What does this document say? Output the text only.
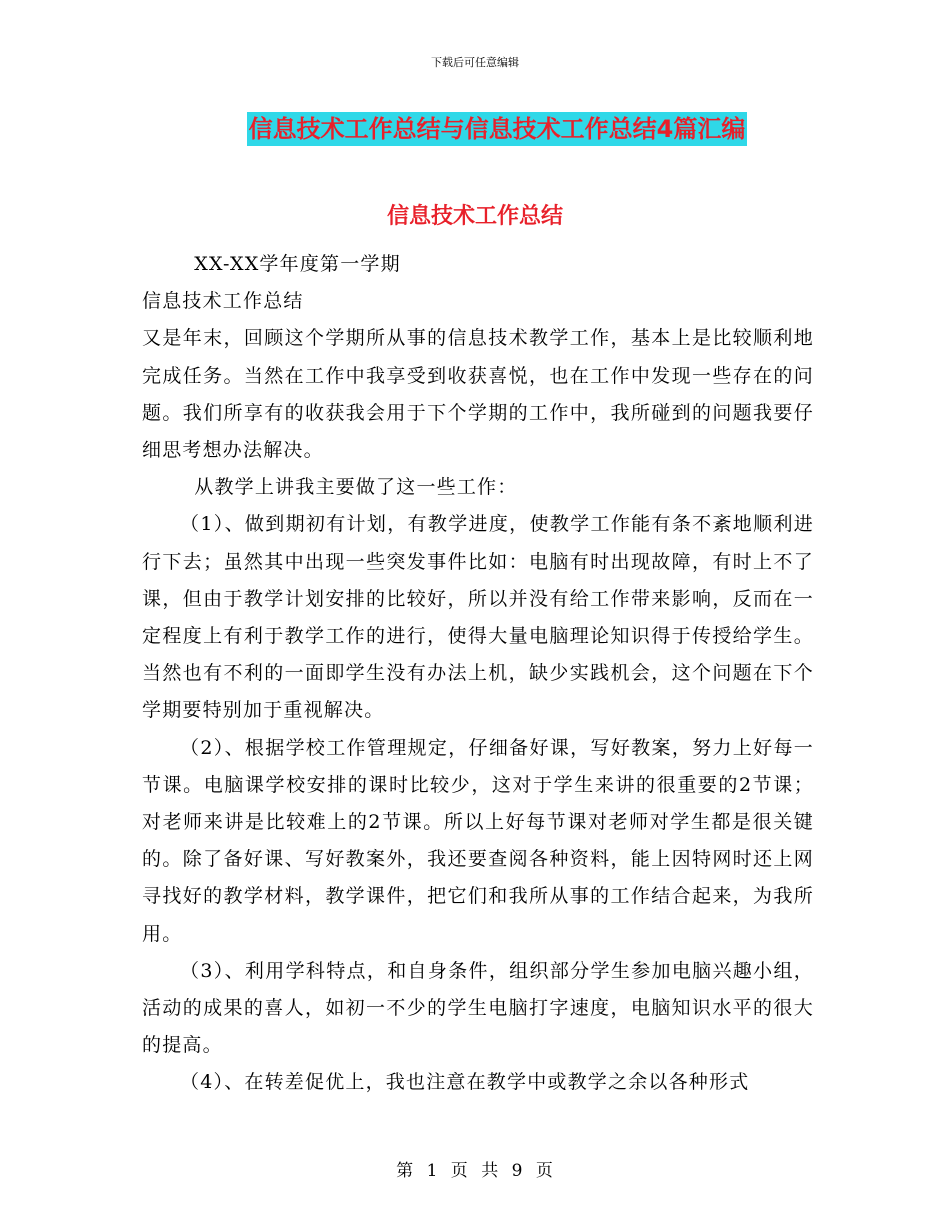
下载后可任意编辑
信息技术工作总结与信息技术工作总结4篇汇编
信息技术工作总结

XX-XX学年度第一学期

信息技术工作总结

又是年末，回顾这个学期所从事的信息技术教学工作，基本上是比较顺利地完成任务。当然在工作中我享受到收获喜悦，也在工作中发现一些存在的问题。我们所享有的收获我会用于下个学期的工作中，我所碰到的问题我要仔细思考想办法解决。

从教学上讲我主要做了这一些工作：

（1）、做到期初有计划，有教学进度，使教学工作能有条不紊地顺利进行下去；虽然其中出现一些突发事件比如：电脑有时出现故障，有时上不了课，但由于教学计划安排的比较好，所以并没有给工作带来影响，反而在一定程度上有利于教学工作的进行，使得大量电脑理论知识得于传授给学生。当然也有不利的一面即学生没有办法上机，缺少实践机会，这个问题在下个学期要特别加于重视解决。

（2）、根据学校工作管理规定，仔细备好课，写好教案，努力上好每一节课。电脑课学校安排的课时比较少，这对于学生来讲的很重要的2节课；对老师来讲是比较难上的2节课。所以上好每节课对老师对学生都是很关键的。除了备好课、写好教案外，我还要查阅各种资料，能上因特网时还上网寻找好的教学材料，教学课件，把它们和我所从事的工作结合起来，为我所用。

（3）、利用学科特点，和自身条件，组织部分学生参加电脑兴趣小组，活动的成果的喜人，如初一不少的学生电脑打字速度，电脑知识水平的很大的提高。

（4）、在转差促优上，我也注意在教学中或教学之余以各种形式

第 1 页 共 9 页
